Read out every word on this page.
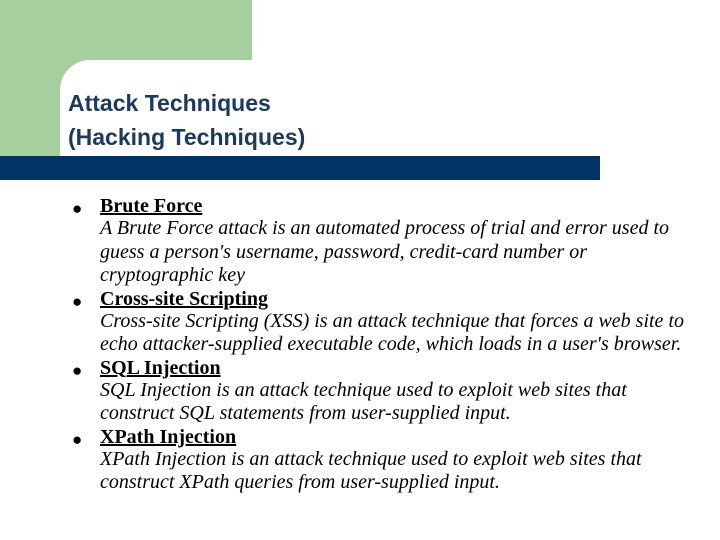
Attack Techniques
(Hacking Techniques)
● Brute Force
A Brute Force attack is an automated process of trial and error used to guess a person's username, password, credit-card number or cryptographic key
● Cross-site Scripting
Cross-site Scripting (XSS) is an attack technique that forces a web site to echo attacker-supplied executable code, which loads in a user's browser.
● SQL Injection
SQL Injection is an attack technique used to exploit web sites that construct SQL statements from user-supplied input.
● XPath Injection
XPath Injection is an attack technique used to exploit web sites that construct XPath queries from user-supplied input.
